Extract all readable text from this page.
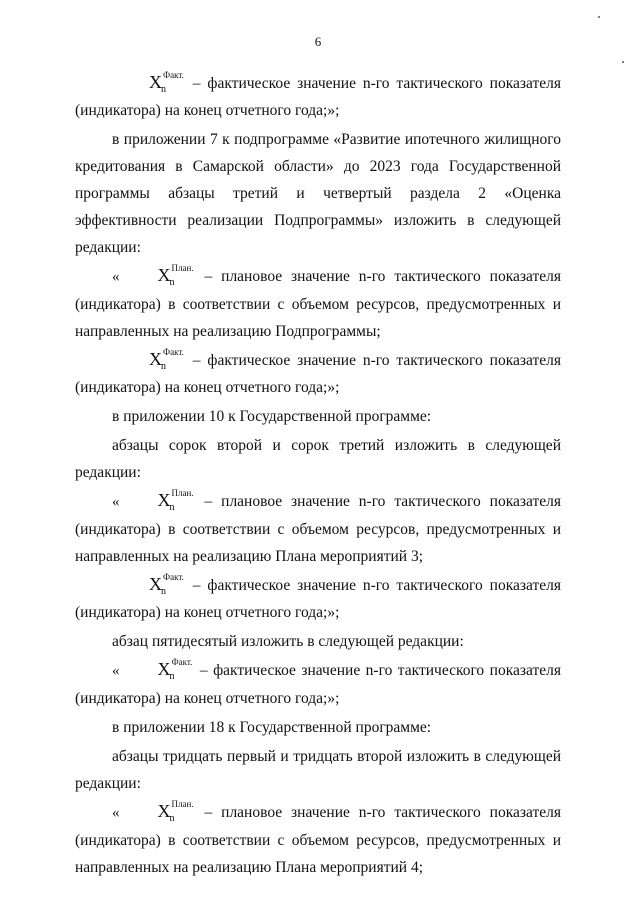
6

$X^{Факт.}$
n – фактическое значение n-го тактического показателя (индикатора) на конец отчетного года;»;

в приложении 7 к подпрограмме «Развитие ипотечного жилищного кредитования в Самарской области» до 2023 года Государственной программы абзацы третий и четвертый раздела 2 «Оценка эффективности реализации Подпрограммы» изложить в следующей редакции:

« $X^{План.}$
n – плановое значение n-го тактического показателя (индикатора) в соответствии с объемом ресурсов, предусмотренных и направленных на реализацию Подпрограммы;

$X^{Факт.}$
n – фактическое значение n-го тактического показателя (индикатора) на конец отчетного года;»;

в приложении 10 к Государственной программе:

абзацы сорок второй и сорок третий изложить в следующей редакции:

« $X^{План.}$
n – плановое значение n-го тактического показателя (индикатора) в соответствии с объемом ресурсов, предусмотренных и направленных на реализацию Плана мероприятий 3;

$X^{Факт.}$
n – фактическое значение n-го тактического показателя (индикатора) на конец отчетного года;»;

абзац пятидесятый изложить в следующей редакции:

« $X^{Факт.}$
n – фактическое значение n-го тактического показателя (индикатора) на конец отчетного года;»;

в приложении 18 к Государственной программе:

абзацы тридцать первый и тридцать второй изложить в следующей редакции:

« $X^{План.}$
n – плановое значение n-го тактического показателя (индикатора) в соответствии с объемом ресурсов, предусмотренных и направленных на реализацию Плана мероприятий 4;
